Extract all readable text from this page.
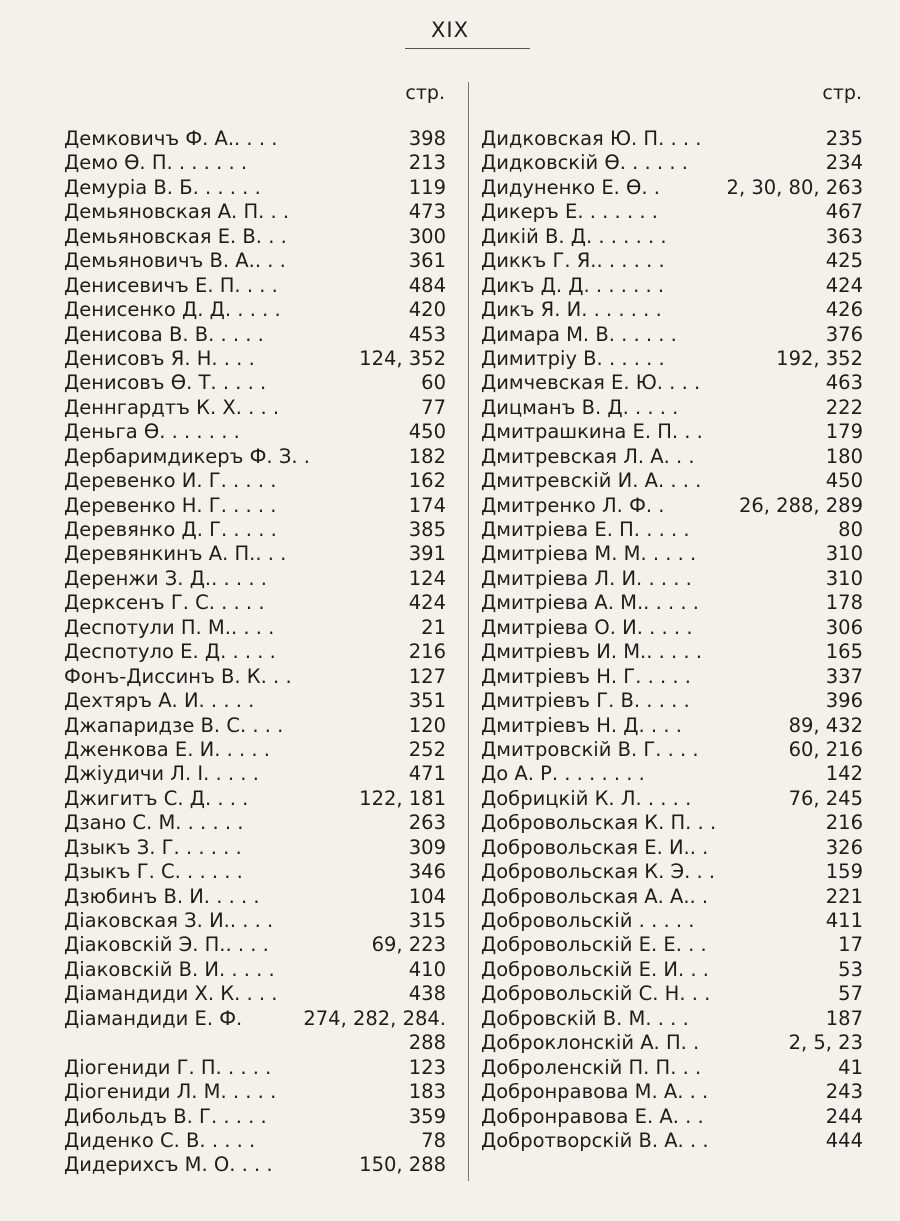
XIX
стр.	стр.
Демковичъ Ф. А.. . . .	398
Демо Ѳ. П. . . . . . .	213
Демуріа В. Б. . . . . .	119
Демьяновская А. П. . .	473
Демьяновская Е. В. . .	300
Демьяновичъ В. А.. . .	361
Денисевичъ Е. П. . . .	484
Денисенко Д. Д. . . . .	420
Денисова В. В. . . . .	453
Денисовъ Я. Н. . . .	124, 352
Денисовъ Ѳ. Т. . . . .	60
Деннгардтъ К. Х. . . .	77
Деньга Ѳ. . . . . . .	450
Дербаримдикеръ Ф. З. .	182
Деревенко И. Г. . . . .	162
Деревенко Н. Г. . . . .	174
Деревянко Д. Г. . . . .	385
Деревянкинъ А. П.. . .	391
Деренжи З. Д.. . . . .	124
Дерксенъ Г. С. . . . .	424
Деспотули П. М.. . . .	21
Деспотуло Е. Д. . . . .	216
Фонъ-Диссинъ В. К. . .	127
Дехтяръ А. И. . . . .	351
Джапаридзе В. С. . . .	120
Дженкова Е. И. . . . .	252
Джіудичи Л. І. . . . .	471
Джигитъ С. Д. . . .	122, 181
Дзано С. М. . . . . .	263
Дзыкъ З. Г. . . . . .	309
Дзыкъ Г. С. . . . . .	346
Дзюбинъ В. И. . . . .	104
Діаковская З. И.. . . .	315
Діаковскій Э. П.. . . .	69, 223
Діаковскій В. И. . . . .	410
Діамандиди Х. К. . . .	438
Діамандиди Е. Ф.	274, 282, 284.
288
Діогениди Г. П. . . . .	123
Діогениди Л. М. . . . .	183
Дибольдъ В. Г. . . . .	359
Диденко С. В. . . . .	78
Дидерихсъ М. О. . . .	150, 288
Дидковская Ю. П. . . .	235
Дидковскій Ѳ. . . . . .	234
Дидуненко Е. Ѳ. .	2, 30, 80, 263
Дикеръ Е. . . . . . .	467
Дикій В. Д. . . . . . .	363
Диккъ Г. Я.. . . . . .	425
Дикъ Д. Д. . . . . . .	424
Дикъ Я. И. . . . . . .	426
Димара М. В. . . . . .	376
Димитріу В. . . . . .	192, 352
Димчевская Е. Ю. . . .	463
Дицманъ В. Д. . . . .	222
Дмитрашкина Е. П. . .	179
Дмитревская Л. А. . .	180
Дмитревскій И. А. . . .	450
Дмитренко Л. Ф. .	26, 288, 289
Дмитріева Е. П. . . . .	80
Дмитріева М. М. . . . .	310
Дмитріева Л. И. . . . .	310
Дмитріева А. М.. . . . .	178
Дмитріева О. И. . . . .	306
Дмитріевъ И. М.. . . . .	165
Дмитріевъ Н. Г. . . . .	337
Дмитріевъ Г. В. . . . .	396
Дмитріевъ Н. Д. . . .	89, 432
Дмитровскій В. Г. . . .	60, 216
До А. Р. . . . . . . .	142
Добрицкій К. Л. . . . .	76, 245
Добровольская К. П. . .	216
Добровольская Е. И.. .	326
Добровольская К. Э. . .	159
Добровольская А. А.. .	221
Добровольскій . . . . .	411
Добровольскій Е. Е. . .	17
Добровольскій Е. И. . .	53
Добровольскій С. Н. . .	57
Добровскій В. М. . . .	187
Доброклонскій А. П. .	2, 5, 23
Доброленскій П. П. . .	41
Добронравова М. А. . .	243
Добронравова Е. А. . .	244
Добротворскій В. А. . .	444
